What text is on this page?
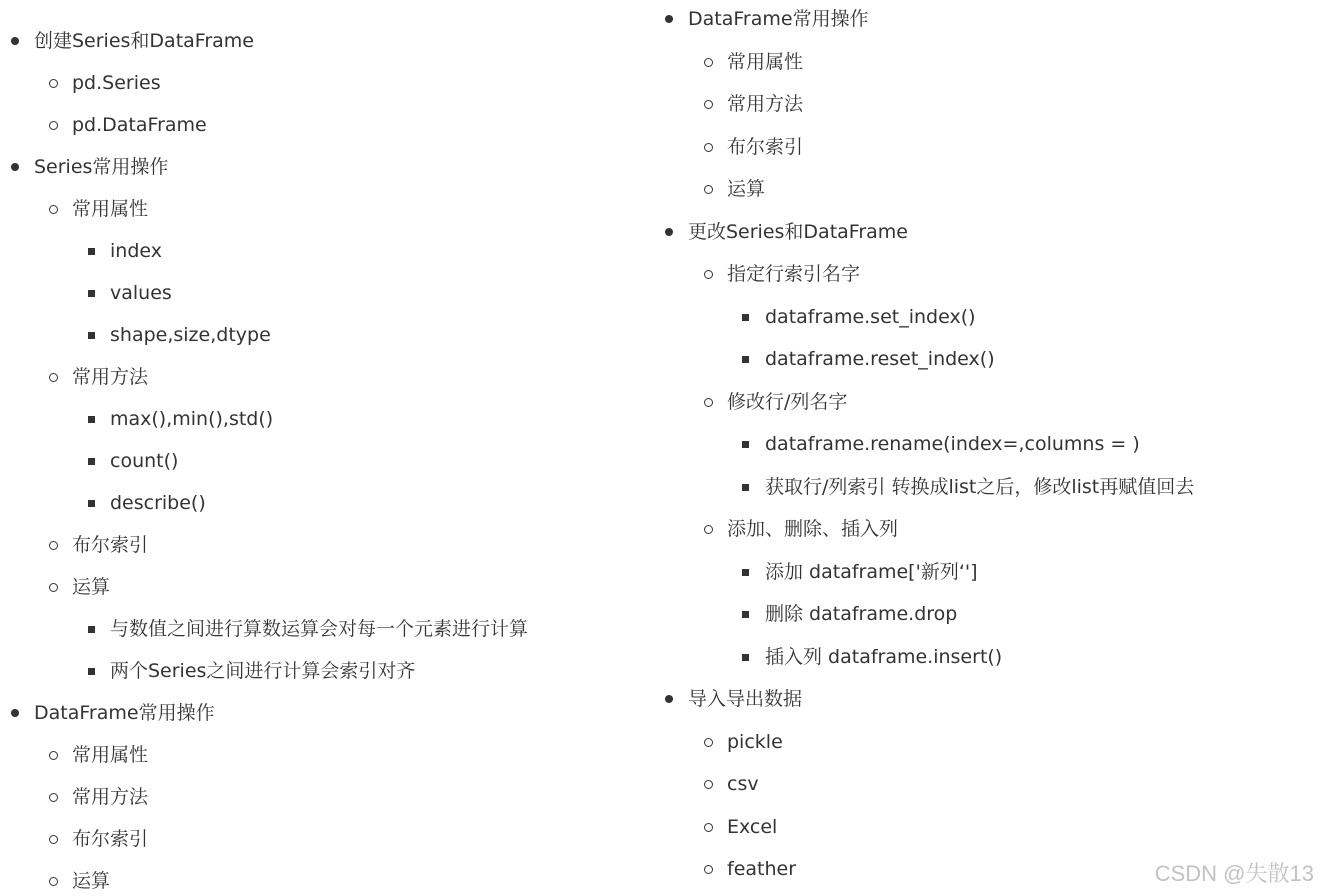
创建Series和DataFrame
pd.Series
pd.DataFrame
Series常用操作
常用属性
index
values
shape,size,dtype
常用方法
max(),min(),std()
count()
describe()
布尔索引
运算
与数值之间进行算数运算会对每一个元素进行计算
两个Series之间进行计算会索引对齐
DataFrame常用操作
常用属性
常用方法
布尔索引
运算
DataFrame常用操作
常用属性
常用方法
布尔索引
运算
更改Series和DataFrame
指定行索引名字
dataframe.set_index()
dataframe.reset_index()
修改行/列名字
dataframe.rename(index=,columns = )
获取行/列索引 转换成list之后，修改list再赋值回去
添加、删除、插入列
添加 dataframe['新列‘']
删除 dataframe.drop
插入列 dataframe.insert()
导入导出数据
pickle
csv
Excel
feather	CSDN @失散13
